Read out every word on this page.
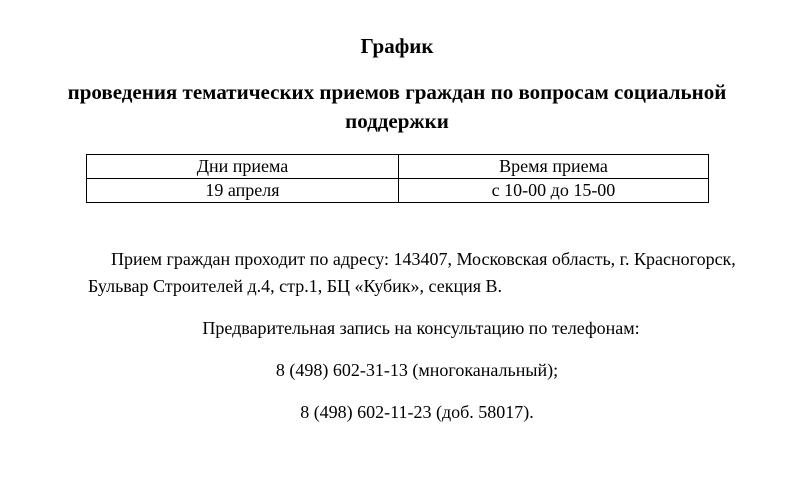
График
проведения тематических приемов граждан по вопросам социальной поддержки
Дни приема	Время приема
19 апреля	с 10-00 до 15-00

Прием граждан проходит по адресу: 143407, Московская область, г. Красногорск, Бульвар Строителей д.4, стр.1, БЦ «Кубик», секция В.

Предварительная запись на консультацию по телефонам:

8 (498) 602-31-13 (многоканальный);

8 (498) 602-11-23 (доб. 58017).
